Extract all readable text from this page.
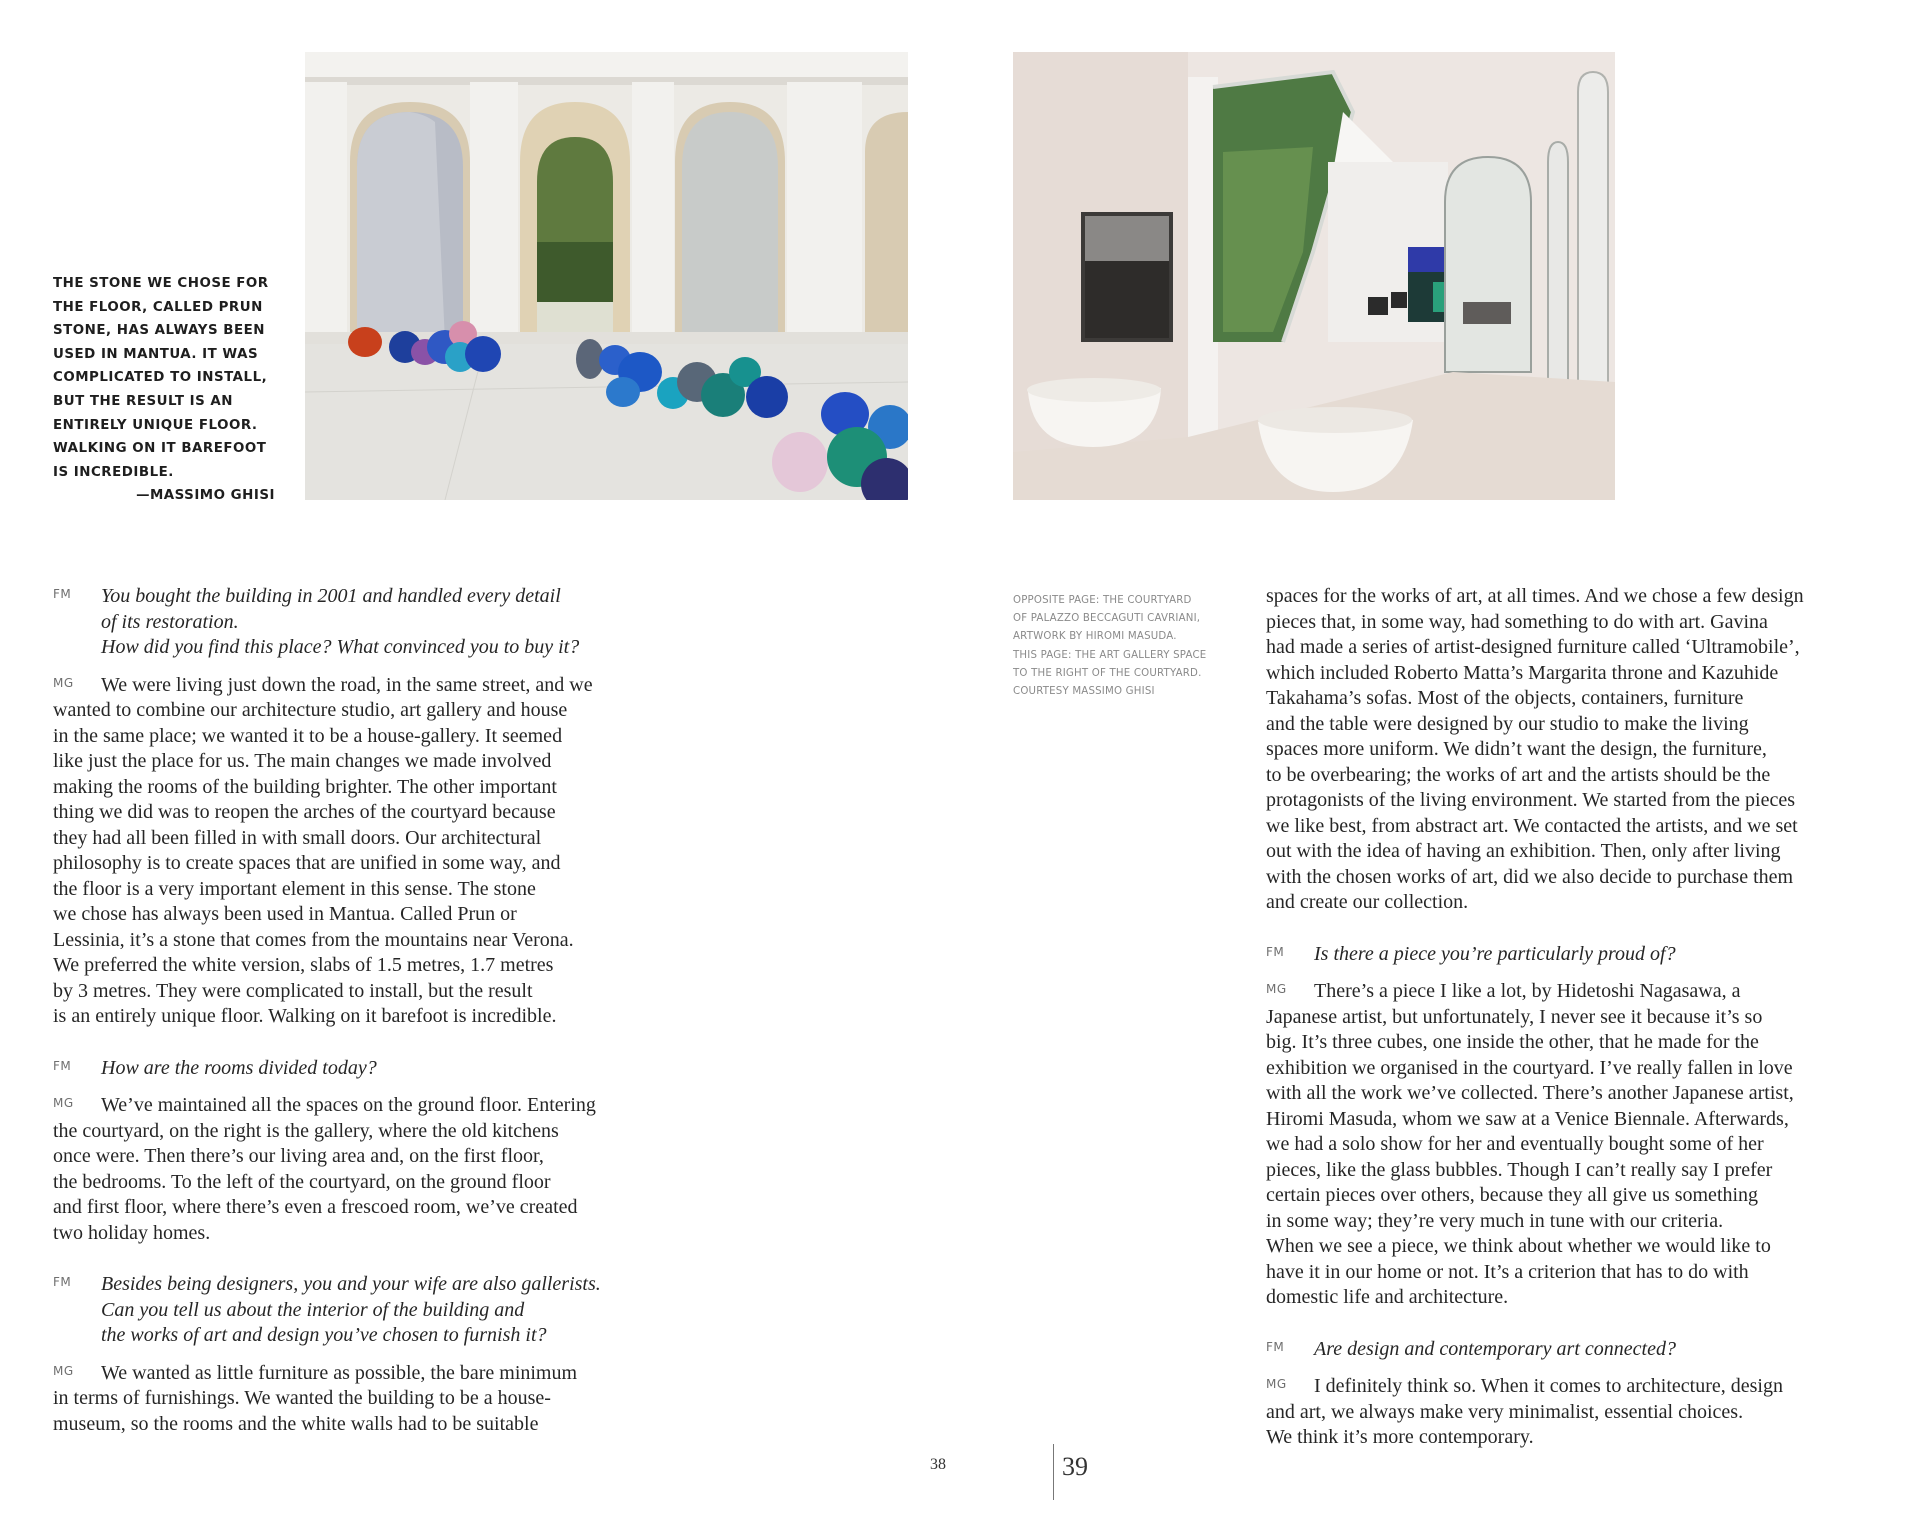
THE STONE WE CHOSE FOR
THE FLOOR, CALLED PRUN
STONE, HAS ALWAYS BEEN
USED IN MANTUA. IT WAS
COMPLICATED TO INSTALL,
BUT THE RESULT IS AN
ENTIRELY UNIQUE FLOOR.
WALKING ON IT BAREFOOT
IS INCREDIBLE.
—MASSIMO GHISI
OPPOSITE PAGE: THE COURTYARD
OF PALAZZO BECCAGUTI CAVRIANI,
ARTWORK BY HIROMI MASUDA.
THIS PAGE: THE ART GALLERY SPACE
TO THE RIGHT OF THE COURTYARD.
COURTESY MASSIMO GHISI
FM	You bought the building in 2001 and handled every detail
of its restoration.
How did you find this place? What convinced you to buy it?
MG	We were living just down the road, in the same street, and we
wanted to combine our architecture studio, art gallery and house
in the same place; we wanted it to be a house-gallery. It seemed
like just the place for us. The main changes we made involved
making the rooms of the building brighter. The other important
thing we did was to reopen the arches of the courtyard because
they had all been filled in with small doors. Our architectural
philosophy is to create spaces that are unified in some way, and
the floor is a very important element in this sense. The stone
we chose has always been used in Mantua. Called Prun or
Lessinia, it’s a stone that comes from the mountains near Verona.
We preferred the white version, slabs of 1.5 metres, 1.7 metres
by 3 metres. They were complicated to install, but the result
is an entirely unique floor. Walking on it barefoot is incredible.
FM	How are the rooms divided today?
MG	We’ve maintained all the spaces on the ground floor. Entering
the courtyard, on the right is the gallery, where the old kitchens
once were. Then there’s our living area and, on the first floor,
the bedrooms. To the left of the courtyard, on the ground floor
and first floor, where there’s even a frescoed room, we’ve created
two holiday homes.
FM	Besides being designers, you and your wife are also gallerists.
Can you tell us about the interior of the building and
the works of art and design you’ve chosen to furnish it?
MG	We wanted as little furniture as possible, the bare minimum
in terms of furnishings. We wanted the building to be a house-
museum, so the rooms and the white walls had to be suitable
spaces for the works of art, at all times. And we chose a few design
pieces that, in some way, had something to do with art. Gavina
had made a series of artist-designed furniture called ‘Ultramobile’,
which included Roberto Matta’s Margarita throne and Kazuhide
Takahama’s sofas. Most of the objects, containers, furniture
and the table were designed by our studio to make the living
spaces more uniform. We didn’t want the design, the furniture,
to be overbearing; the works of art and the artists should be the
protagonists of the living environment. We started from the pieces
we like best, from abstract art. We contacted the artists, and we set
out with the idea of having an exhibition. Then, only after living
with the chosen works of art, did we also decide to purchase them
and create our collection.
FM	Is there a piece you’re particularly proud of?
MG	There’s a piece I like a lot, by Hidetoshi Nagasawa, a
Japanese artist, but unfortunately, I never see it because it’s so
big. It’s three cubes, one inside the other, that he made for the
exhibition we organised in the courtyard. I’ve really fallen in love
with all the work we’ve collected. There’s another Japanese artist,
Hiromi Masuda, whom we saw at a Venice Biennale. Afterwards,
we had a solo show for her and eventually bought some of her
pieces, like the glass bubbles. Though I can’t really say I prefer
certain pieces over others, because they all give us something
in some way; they’re very much in tune with our criteria.
When we see a piece, we think about whether we would like to
have it in our home or not. It’s a criterion that has to do with
domestic life and architecture.
FM	Are design and contemporary art connected?
MG	I definitely think so. When it comes to architecture, design
and art, we always make very minimalist, essential choices.
We think it’s more contemporary.
38	39
